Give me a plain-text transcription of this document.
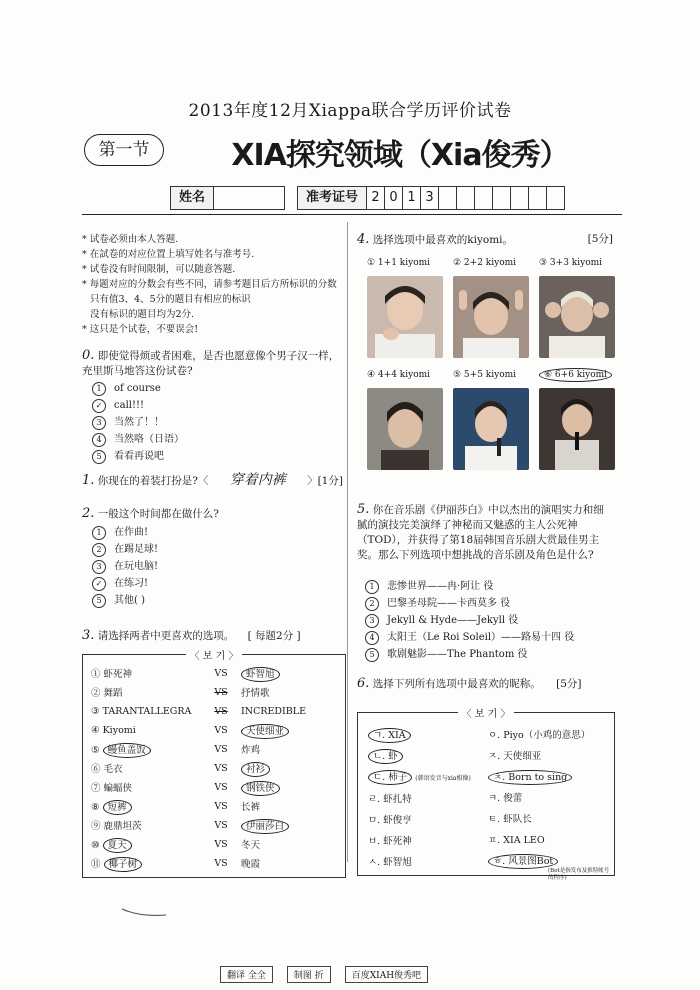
2013年度12月Xiappa联合学历评价试卷
第一节	XIA探究领域（Xia俊秀）
姓名	准考证号	2 0 1 3
* 试卷必须由本人答题.
* 在試卷的对应位置上填写姓名与准考号.
* 试卷没有时间限制，可以随意答题.
* 每题对应的分数会有些不同，请参考题目后方所标识的分数
只有值3、4、5分的题目有相应的标识
没有标识的题目均为2分.
* 这只是个试卷，不要误会!
0. 即使觉得烦或者困难，是否也愿意像个男子汉一样，充里斯马地答这份试卷?
1 of course
✓ call!!!
3 当然了！！
4 当然咯（日语）
5 看看再说吧
1. 你现在的着装打扮是?〈 穿着内裤 〉[1分]
2. 一般这个时间都在做什么?
1 在作曲!
2 在踢足球!
3 在玩电脑!
✓ 在练习!
5 其他( )
3. 请选择两者中更喜欢的选项。 [ 每题2分 ]
〈 보 기 〉
① 虾死神	VS	虾智旭
② 舞蹈	VS	抒情歌
③ TARANTALLEGRA	VS	INCREDIBLE
④ Kiyomi	VS	天使细亚
⑤ 鳗鱼盖饭	VS	炸鸡
⑥ 毛衣	VS	衬衫
⑦ 蝙蝠侠	VS	钢铁侠
⑧ 短裤	VS	长裤
⑨ 鹿鼎坦茨	VS	伊丽莎白
⑩ 夏天	VS	冬天
⑪ 椰子树	VS	晚霞
4. 选择选项中最喜欢的kiyomi。	[5分]
① 1+1 kiyomi	② 2+2 kiyomi	③ 3+3 kiyomi
④ 4+4 kiyomi	⑤ 5+5 kiyomi	⑥ 6+6 kiyomi
5. 你在音乐剧《伊丽莎白》中以杰出的演唱实力和细腻的演技完美演绎了神秘而又魅惑的主人公死神（TOD），并获得了第18届韩国音乐剧大赏最佳男主奖。那么下列选项中想挑战的音乐剧及角色是什么?
1 悲惨世界——冉·阿让 役
2 巴黎圣母院——卡西莫多 役
3 Jekyll & Hyde——Jekyll 役
4 太阳王（Le Roi Soleil）——路易十四 役
5 歌剧魅影——The Phantom 役
6. 选择下列所有选项中最喜欢的昵称。 [5分]
〈 보 기 〉
ㄱ. XIA
ㄴ. 虾
ㄷ. 柿子 (韩语发音与xia相像)
ㄹ. 虾扎特
ㅁ. 虾俊亨
ㅂ. 虾死神
ㅅ. 虾智旭
ㅇ. Piyo（小鸡的意思）
ㅈ. 天使细亚
ㅊ. Born to sing
ㅋ. 俊蕾
ㅌ. 虾队长
ㅍ. XIA LEO
ㅎ. 风景图Bot
(Bot是指发布及推特帐号的程序)
翻译 全全	制图 折	百度XIAH俊秀吧
